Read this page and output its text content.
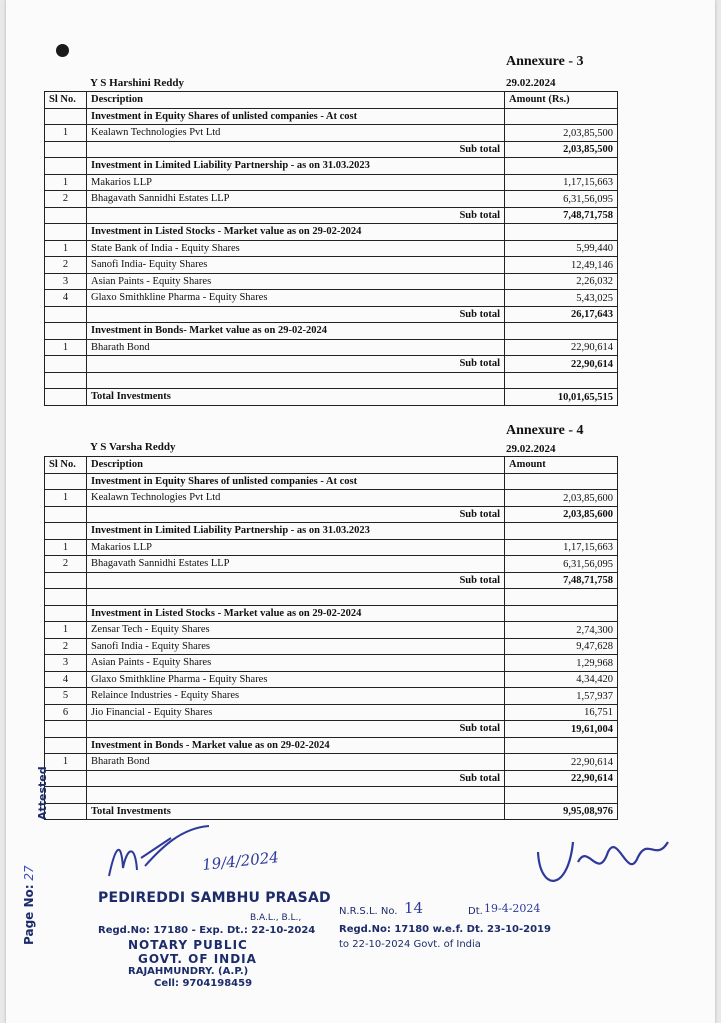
Annexure - 3
Y S Harshini Reddy	29.02.2024
Sl No.	Description	Amount (Rs.)
	Investment in Equity Shares of unlisted companies - At cost	
1	Kealawn Technologies Pvt Ltd	2,03,85,500
	Sub total	2,03,85,500
	Investment in Limited Liability Partnership - as on 31.03.2023	
1	Makarios LLP	1,17,15,663
2	Bhagavath Sannidhi Estates LLP	6,31,56,095
	Sub total	7,48,71,758
	Investment in Listed Stocks - Market value as on 29-02-2024	
1	State Bank of India - Equity Shares	5,99,440
2	Sanofi India- Equity Shares	12,49,146
3	Asian Paints - Equity Shares	2,26,032
4	Glaxo Smithkline Pharma - Equity Shares	5,43,025
	Sub total	26,17,643
	Investment in Bonds- Market value as on 29-02-2024	
1	Bharath Bond	22,90,614
	Sub total	22,90,614

	Total Investments	10,01,65,515
Annexure - 4
Y S Varsha Reddy	29.02.2024
Sl No.	Description	Amount
	Investment in Equity Shares of unlisted companies - At cost	
1	Kealawn Technologies Pvt Ltd	2,03,85,600
	Sub total	2,03,85,600
	Investment in Limited Liability Partnership - as on 31.03.2023	
1	Makarios LLP	1,17,15,663
2	Bhagavath Sannidhi Estates LLP	6,31,56,095
	Sub total	7,48,71,758

	Investment in Listed Stocks - Market value as on 29-02-2024	
1	Zensar Tech - Equity Shares	2,74,300
2	Sanofi India - Equity Shares	9,47,628
3	Asian Paints - Equity Shares	1,29,968
4	Glaxo Smithkline Pharma - Equity Shares	4,34,420
5	Relaince Industries - Equity Shares	1,57,937
6	Jio Financial - Equity Shares	16,751
	Sub total	19,61,004
	Investment in Bonds - Market value as on 29-02-2024	
1	Bharath Bond	22,90,614
	Sub total	22,90,614

	Total Investments	9,95,08,976
Page No: 27
Attested
19/4/2024
PEDIREDDI SAMBHU PRASAD
B.A.L., B.L.,
Regd.No: 17180 - Exp. Dt.: 22-10-2024
NOTARY PUBLIC
GOVT. OF INDIA
RAJAHMUNDRY. (A.P.)
Cell: 9704198459
N.R.S.L. No. 14	Dt. 19-4-2024
Regd.No: 17180 w.e.f. Dt. 23-10-2019
to 22-10-2024 Govt. of India
